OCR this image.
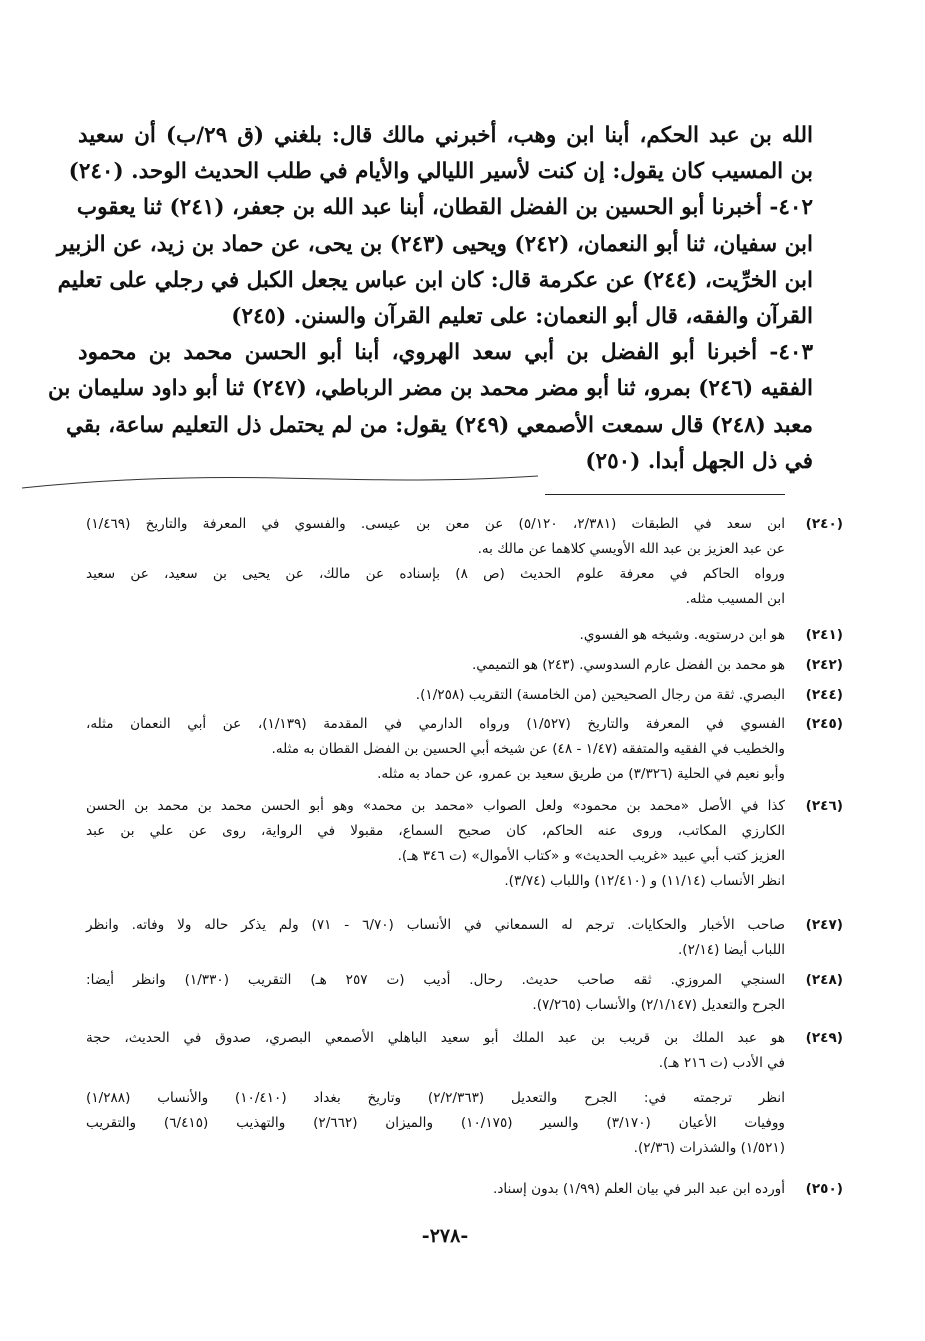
الله بن عبد الحكم، أبنا ابن وهب، أخبرني مالك قال: بلغني (ق ٢٩/ب) أن سعيد
بن المسيب كان يقول: إن كنت لأسير الليالي والأيام في طلب الحديث الوحد. (٢٤٠)
٤٠٢- أخبرنا أبو الحسين بن الفضل القطان، أبنا عبد الله بن جعفر، (٢٤١) ثنا يعقوب
ابن سفيان، ثنا أبو النعمان، (٢٤٢) ويحيى (٢٤٣) بن يحى، عن حماد بن زيد، عن الزبير
ابن الخرِّيت، (٢٤٤) عن عكرمة قال: كان ابن عباس يجعل الكبل في رجلي على تعليم
القرآن والفقه، قال أبو النعمان: على تعليم القرآن والسنن. (٢٤٥)
٤٠٣- أخبرنا أبو الفضل بن أبي سعد الهروي، أبنا أبو الحسن محمد بن محمود
الفقيه (٢٤٦) بمرو، ثنا أبو مضر محمد بن مضر الرباطي، (٢٤٧) ثنا أبو داود سليمان بن
معبد (٢٤٨) قال سمعت الأصمعي (٢٤٩) يقول: من لم يحتمل ذل التعليم ساعة، بقي
في ذل الجهل أبدا. (٢٥٠)
(٢٤٠)
ابن سعد في الطبقات (٢/٣٨١، ٥/١٢٠) عن معن بن عيسى. والفسوي في المعرفة والتاريخ (١/٤٦٩)
عن عبد العزيز بن عبد الله الأويسي كلاهما عن مالك به.
ورواه الحاكم في معرفة علوم الحديث (ص ٨) بإسناده عن مالك، عن يحيى بن سعيد، عن سعيد
ابن المسيب مثله.
(٢٤١)
هو ابن درستويه. وشيخه هو الفسوي.
(٢٤٢)
هو محمد بن الفضل عارم السدوسي. (٢٤٣) هو التميمي.
(٢٤٤)
البصري. ثقة من رجال الصحيحين (من الخامسة) التقريب (١/٢٥٨).
(٢٤٥)
الفسوي في المعرفة والتاريخ (١/٥٢٧) ورواه الدارمي في المقدمة (١/١٣٩)، عن أبي النعمان مثله،
والخطيب في الفقيه والمتفقه (١/٤٧ - ٤٨) عن شيخه أبي الحسين بن الفضل القطان به مثله.
وأبو نعيم في الحلية (٣/٣٢٦) من طريق سعيد بن عمرو، عن حماد به مثله.
(٢٤٦)
كذا في الأصل «محمد بن محمود» ولعل الصواب «محمد بن محمد» وهو أبو الحسن محمد بن محمد بن الحسن
الكارزي المكاتب، وروى عنه الحاكم، كان صحيح السماع، مقبولا في الرواية، روى عن علي بن عبد
العزيز كتب أبي عبيد «غريب الحديث» و «كتاب الأموال» (ت ٣٤٦ هـ).
انظر الأنساب (١١/١٤) و (١٢/٤١٠) واللباب (٣/٧٤).
(٢٤٧)
صاحب الأخبار والحكايات. ترجم له السمعاني في الأنساب (٦/٧٠ - ٧١) ولم يذكر حاله ولا وفاته. وانظر
اللباب أيضا (٢/١٤).
(٢٤٨)
السنجي المروزي. ثقه صاحب حديث. رحال. أديب (ت ٢٥٧ هـ) التقريب (١/٣٣٠) وانظر أيضا:
الجرح والتعديل (٢/١/١٤٧) والأنساب (٧/٢٦٥).
(٢٤٩)
هو عبد الملك بن قريب بن عبد الملك أبو سعيد الباهلي الأصمعي البصري، صدوق في الحديث، حجة
في الأدب (ت ٢١٦ هـ).
انظر ترجمته في: الجرح والتعديل (٢/٢/٣٦٣) وتاريخ بغداد (١٠/٤١٠) والأنساب (١/٢٨٨)
ووفيات الأعيان (٣/١٧٠) والسير (١٠/١٧٥) والميزان (٢/٦٦٢) والتهذيب (٦/٤١٥) والتقريب
(١/٥٢١) والشذرات (٢/٣٦).
(٢٥٠)
أورده ابن عبد البر في بيان العلم (١/٩٩) بدون إسناد.
-٢٧٨-
